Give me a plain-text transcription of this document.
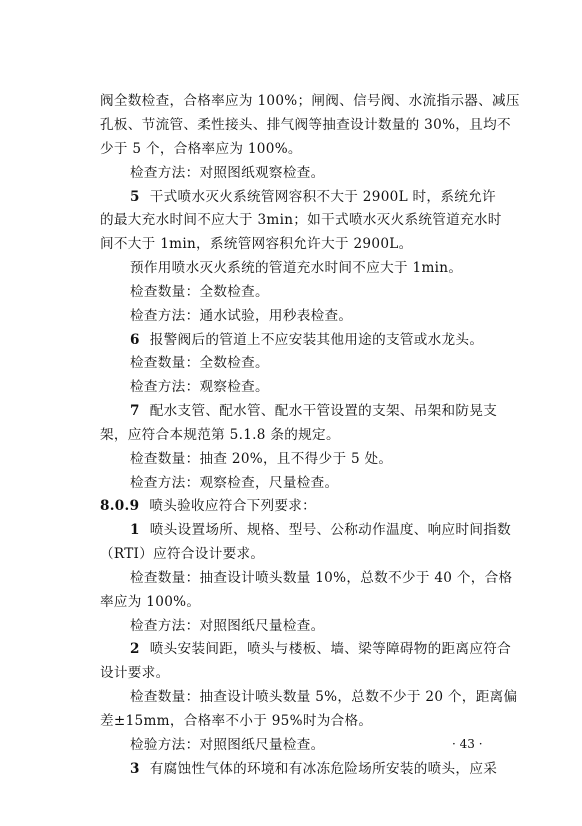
阀全数检查，合格率应为 100%；闸阀、信号阀、水流指示器、减压
孔板、节流管、柔性接头、排气阀等抽查设计数量的 30%，且均不
少于 5 个，合格率应为 100%。
检查方法：对照图纸观察检查。
5 干式喷水灭火系统管网容积不大于 2900L 时，系统允许
的最大充水时间不应大于 3min；如干式喷水灭火系统管道充水时
间不大于 1min，系统管网容积允许大于 2900L。
预作用喷水灭火系统的管道充水时间不应大于 1min。
检查数量：全数检查。
检查方法：通水试验，用秒表检查。
6 报警阀后的管道上不应安装其他用途的支管或水龙头。
检查数量：全数检查。
检查方法：观察检查。
7 配水支管、配水管、配水干管设置的支架、吊架和防晃支
架，应符合本规范第 5.1.8 条的规定。
检查数量：抽查 20%，且不得少于 5 处。
检查方法：观察检查，尺量检查。
8.0.9 喷头验收应符合下列要求：
1 喷头设置场所、规格、型号、公称动作温度、响应时间指数
（RTI）应符合设计要求。
检查数量：抽查设计喷头数量 10%，总数不少于 40 个，合格
率应为 100%。
检查方法：对照图纸尺量检查。
2 喷头安装间距，喷头与楼板、墙、梁等障碍物的距离应符合
设计要求。
检查数量：抽查设计喷头数量 5%，总数不少于 20 个，距离偏
差±15mm，合格率不小于 95%时为合格。
检验方法：对照图纸尺量检查。
3 有腐蚀性气体的环境和有冰冻危险场所安装的喷头，应采
· 43 ·
